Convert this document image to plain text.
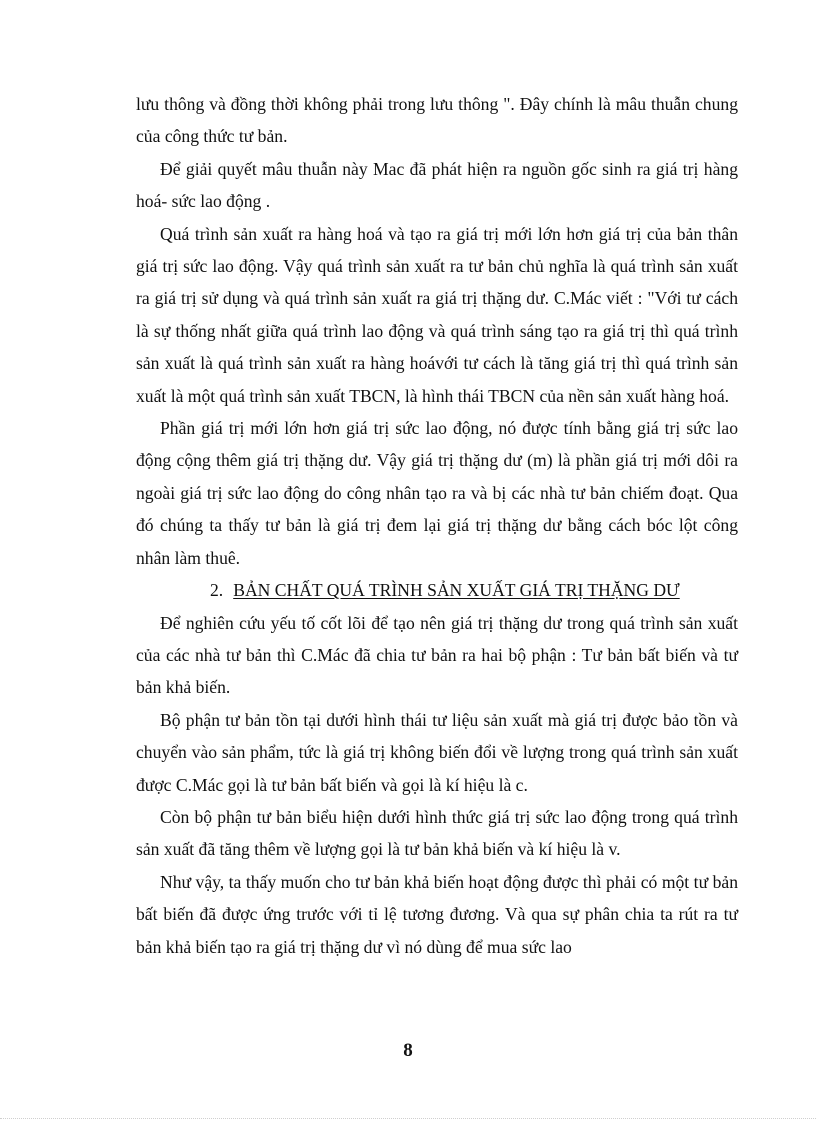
lưu thông và đồng thời không phải trong lưu thông ". Đây chính là mâu thuẫn chung của công thức tư bản.

Để giải quyết mâu thuẫn này Mac đã phát hiện ra nguồn gốc sinh ra giá trị hàng hoá- sức lao động .

Quá trình sản xuất ra hàng hoá và tạo ra giá trị mới lớn hơn giá trị của bản thân giá trị sức lao động. Vậy quá trình sản xuất ra tư bản chủ nghĩa là quá trình sản xuất ra giá trị sử dụng và quá trình sản xuất ra giá trị thặng dư. C.Mác viết : "Với tư cách là sự thống nhất giữa quá trình lao động và quá trình sáng tạo ra giá trị thì quá trình sản xuất là quá trình sản xuất ra hàng hoávới tư cách là tăng giá trị thì quá trình sản xuất là một quá trình sản xuất TBCN, là hình thái TBCN của nền sản xuất hàng hoá.

Phần giá trị mới lớn hơn giá trị sức lao động, nó được tính bằng giá trị sức lao động cộng thêm giá trị thặng dư. Vậy giá trị thặng dư (m) là phần giá trị mới dôi ra ngoài giá trị sức lao động do công nhân tạo ra và bị các nhà tư bản chiếm đoạt. Qua đó chúng ta thấy tư bản là giá trị đem lại giá trị thặng dư bằng cách bóc lột công nhân làm thuê.

2. BẢN CHẤT QUÁ TRÌNH SẢN XUẤT GIÁ TRỊ THẶNG DƯ

Để nghiên cứu yếu tố cốt lõi để tạo nên giá trị thặng dư trong quá trình sản xuất của các nhà tư bản thì C.Mác đã chia tư bản ra hai bộ phận : Tư bản bất biến và tư bản khả biến.

Bộ phận tư bản tồn tại dưới hình thái tư liệu sản xuất mà giá trị được bảo tồn và chuyển vào sản phẩm, tức là giá trị không biến đổi về lượng trong quá trình sản xuất được C.Mác gọi là tư bản bất biến và gọi là kí hiệu là c.

Còn bộ phận tư bản biểu hiện dưới hình thức giá trị sức lao động trong quá trình sản xuất đã tăng thêm về lượng gọi là tư bản khả biến và kí hiệu là v.

Như vậy, ta thấy muốn cho tư bản khả biến hoạt động được thì phải có một tư bản bất biến đã được ứng trước với tỉ lệ tương đương. Và qua sự phân chia ta rút ra tư bản khả biến tạo ra giá trị thặng dư vì nó dùng để mua sức lao

8
